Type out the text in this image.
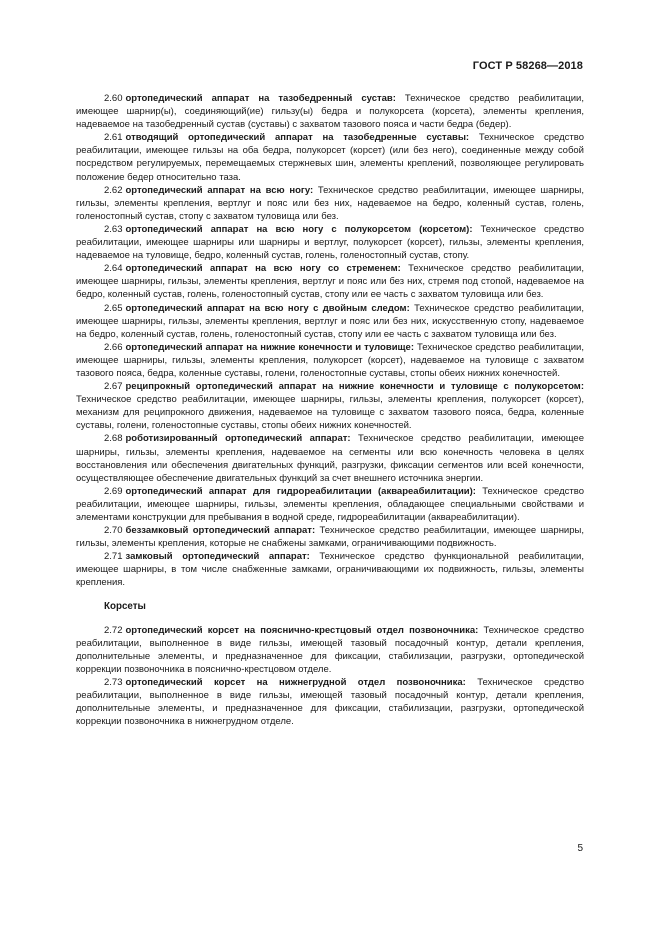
ГОСТ Р 58268—2018

2.60 ортопедический аппарат на тазобедренный сустав: Техническое средство реабилитации, имеющее шарнир(ы), соединяющий(ие) гильзу(ы) бедра и полукорсета (корсета), элементы крепления, надеваемое на тазобедренный сустав (суставы) с захватом тазового пояса и части бедра (бедер).

2.61 отводящий ортопедический аппарат на тазобедренные суставы: Техническое средство реабилитации, имеющее гильзы на оба бедра, полукорсет (корсет) (или без него), соединенные между собой посредством регулируемых, перемещаемых стержневых шин, элементы креплений, позволяющее регулировать положение бедер относительно таза.

2.62 ортопедический аппарат на всю ногу: Техническое средство реабилитации, имеющее шарниры, гильзы, элементы крепления, вертлуг и пояс или без них, надеваемое на бедро, коленный сустав, голень, голеностопный сустав, стопу с захватом туловища или без.

2.63 ортопедический аппарат на всю ногу с полукорсетом (корсетом): Техническое средство реабилитации, имеющее шарниры или шарниры и вертлуг, полукорсет (корсет), гильзы, элементы крепления, надеваемое на туловище, бедро, коленный сустав, голень, голеностопный сустав, стопу.

2.64 ортопедический аппарат на всю ногу со стременем: Техническое средство реабилитации, имеющее шарниры, гильзы, элементы крепления, вертлуг и пояс или без них, стремя под стопой, надеваемое на бедро, коленный сустав, голень, голеностопный сустав, стопу или ее часть с захватом туловища или без.

2.65 ортопедический аппарат на всю ногу с двойным следом: Техническое средство реабилитации, имеющее шарниры, гильзы, элементы крепления, вертлуг и пояс или без них, искусственную стопу, надеваемое на бедро, коленный сустав, голень, голеностопный сустав, стопу или ее часть с захватом туловища или без.

2.66 ортопедический аппарат на нижние конечности и туловище: Техническое средство реабилитации, имеющее шарниры, гильзы, элементы крепления, полукорсет (корсет), надеваемое на туловище с захватом тазового пояса, бедра, коленные суставы, голени, голеностопные суставы, стопы обеих нижних конечностей.

2.67 реципрокный ортопедический аппарат на нижние конечности и туловище с полукорсетом: Техническое средство реабилитации, имеющее шарниры, гильзы, элементы крепления, полукорсет (корсет), механизм для реципрокного движения, надеваемое на туловище с захватом тазового пояса, бедра, коленные суставы, голени, голеностопные суставы, стопы обеих нижних конечностей.

2.68 роботизированный ортопедический аппарат: Техническое средство реабилитации, имеющее шарниры, гильзы, элементы крепления, надеваемое на сегменты или всю конечность человека в целях восстановления или обеспечения двигательных функций, разгрузки, фиксации сегментов или всей конечности, осуществляющее обеспечение двигательных функций за счет внешнего источника энергии.

2.69 ортопедический аппарат для гидрореабилитации (аквареабилитации): Техническое средство реабилитации, имеющее шарниры, гильзы, элементы крепления, обладающее специальными свойствами и элементами конструкции для пребывания в водной среде, гидрореабилитации (аквареабилитации).

2.70 беззамковый ортопедический аппарат: Техническое средство реабилитации, имеющее шарниры, гильзы, элементы крепления, которые не снабжены замками, ограничивающими подвижность.

2.71 замковый ортопедический аппарат: Техническое средство функциональной реабилитации, имеющее шарниры, в том числе снабженные замками, ограничивающими их подвижность, гильзы, элементы крепления.

Корсеты

2.72 ортопедический корсет на пояснично-крестцовый отдел позвоночника: Техническое средство реабилитации, выполненное в виде гильзы, имеющей тазовый посадочный контур, детали крепления, дополнительные элементы, и предназначенное для фиксации, стабилизации, разгрузки, ортопедической коррекции позвоночника в пояснично-крестцовом отделе.

2.73 ортопедический корсет на нижнегрудной отдел позвоночника: Техническое средство реабилитации, выполненное в виде гильзы, имеющей тазовый посадочный контур, детали крепления, дополнительные элементы, и предназначенное для фиксации, стабилизации, разгрузки, ортопедической коррекции позвоночника в нижнегрудном отделе.

5
